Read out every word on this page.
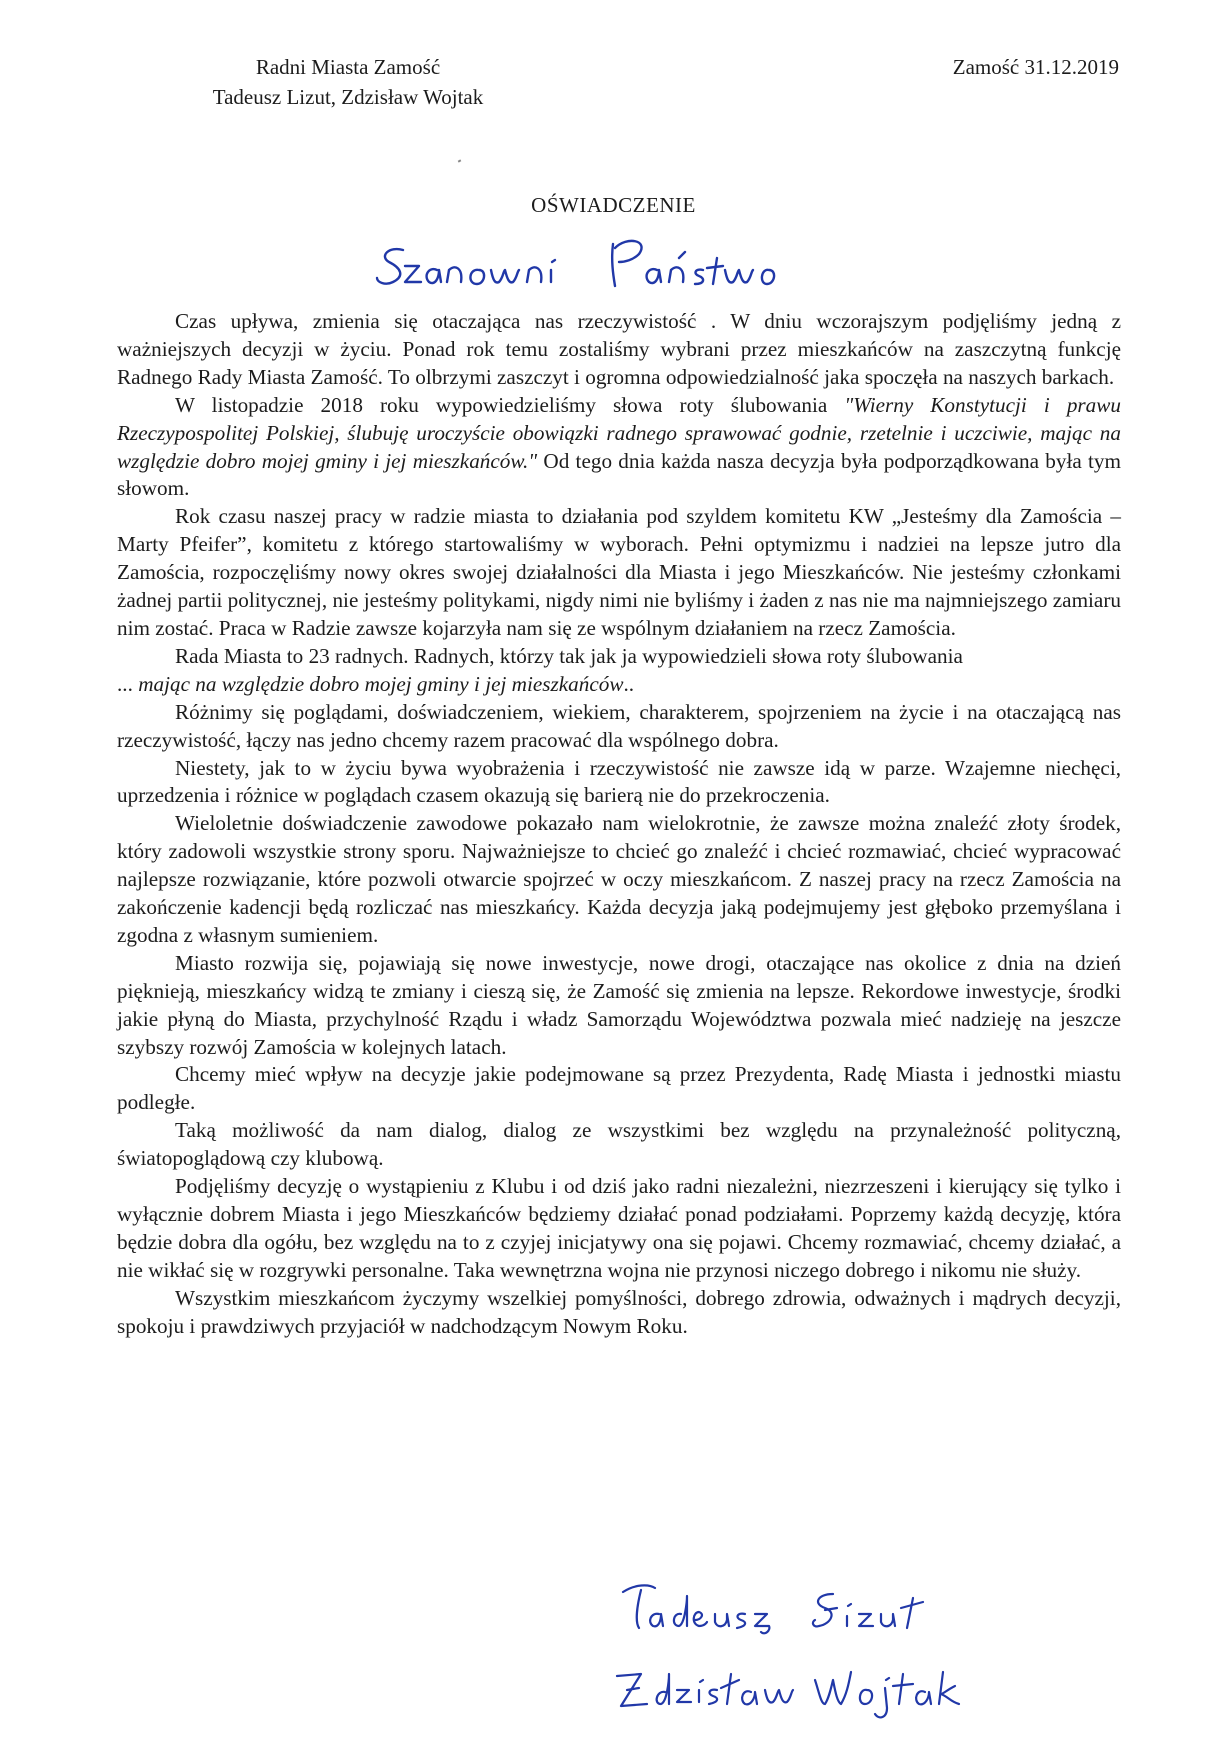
Radni Miasta Zamość
Tadeusz Lizut, Zdzisław Wojtak
Zamość 31.12.2019
OŚWIADCZENIE

Czas upływa, zmienia się otaczająca nas rzeczywistość . W dniu wczorajszym podjęliśmy jedną z ważniejszych decyzji w życiu. Ponad rok temu zostaliśmy wybrani przez mieszkańców na zaszczytną funkcję Radnego Rady Miasta Zamość. To olbrzymi zaszczyt i ogromna odpowiedzialność jaka spoczęła na naszych barkach.

W listopadzie 2018 roku wypowiedzieliśmy słowa roty ślubowania "Wierny Konstytucji i prawu Rzeczypospolitej Polskiej, ślubuję uroczyście obowiązki radnego sprawować godnie, rzetelnie i uczciwie, mając na względzie dobro mojej gminy i jej mieszkańców." Od tego dnia każda nasza decyzja była podporządkowana była tym słowom.

Rok czasu naszej pracy w radzie miasta to działania pod szyldem komitetu KW „Jesteśmy dla Zamościa – Marty Pfeifer”, komitetu z którego startowaliśmy w wyborach. Pełni optymizmu i nadziei na lepsze jutro dla Zamościa, rozpoczęliśmy nowy okres swojej działalności dla Miasta i jego Mieszkańców. Nie jesteśmy członkami żadnej partii politycznej, nie jesteśmy politykami, nigdy nimi nie byliśmy i żaden z nas nie ma najmniejszego zamiaru nim zostać. Praca w Radzie zawsze kojarzyła nam się ze wspólnym działaniem na rzecz Zamościa.

Rada Miasta to 23 radnych. Radnych, którzy tak jak ja wypowiedzieli słowa roty ślubowania

... mając na względzie dobro mojej gminy i jej mieszkańców..

Różnimy się poglądami, doświadczeniem, wiekiem, charakterem, spojrzeniem na życie i na otaczającą nas rzeczywistość, łączy nas jedno chcemy razem pracować dla wspólnego dobra.

Niestety, jak to w życiu bywa wyobrażenia i rzeczywistość nie zawsze idą w parze. Wzajemne niechęci, uprzedzenia i różnice w poglądach czasem okazują się barierą nie do przekroczenia.

Wieloletnie doświadczenie zawodowe pokazało nam wielokrotnie, że zawsze można znaleźć złoty środek, który zadowoli wszystkie strony sporu. Najważniejsze to chcieć go znaleźć i chcieć rozmawiać, chcieć wypracować najlepsze rozwiązanie, które pozwoli otwarcie spojrzeć w oczy mieszkańcom. Z naszej pracy na rzecz Zamościa na zakończenie kadencji będą rozliczać nas mieszkańcy. Każda decyzja jaką podejmujemy jest głęboko przemyślana i zgodna z własnym sumieniem.

Miasto rozwija się, pojawiają się nowe inwestycje, nowe drogi, otaczające nas okolice z dnia na dzień pięknieją, mieszkańcy widzą te zmiany i cieszą się, że Zamość się zmienia na lepsze. Rekordowe inwestycje, środki jakie płyną do Miasta, przychylność Rządu i władz Samorządu Województwa pozwala mieć nadzieję na jeszcze szybszy rozwój Zamościa w kolejnych latach.

Chcemy mieć wpływ na decyzje jakie podejmowane są przez Prezydenta, Radę Miasta i jednostki miastu podległe.

Taką możliwość da nam dialog, dialog ze wszystkimi bez względu na przynależność polityczną, światopoglądową czy klubową.

Podjęliśmy decyzję o wystąpieniu z Klubu i od dziś jako radni niezależni, niezrzeszeni i kierujący się tylko i wyłącznie dobrem Miasta i jego Mieszkańców będziemy działać ponad podziałami. Poprzemy każdą decyzję, która będzie dobra dla ogółu, bez względu na to z czyjej inicjatywy ona się pojawi. Chcemy rozmawiać, chcemy działać, a nie wikłać się w rozgrywki personalne. Taka wewnętrzna wojna nie przynosi niczego dobrego i nikomu nie służy.

Wszystkim mieszkańcom życzymy wszelkiej pomyślności, dobrego zdrowia, odważnych i mądrych decyzji, spokoju i prawdziwych przyjaciół w nadchodzącym Nowym Roku.
